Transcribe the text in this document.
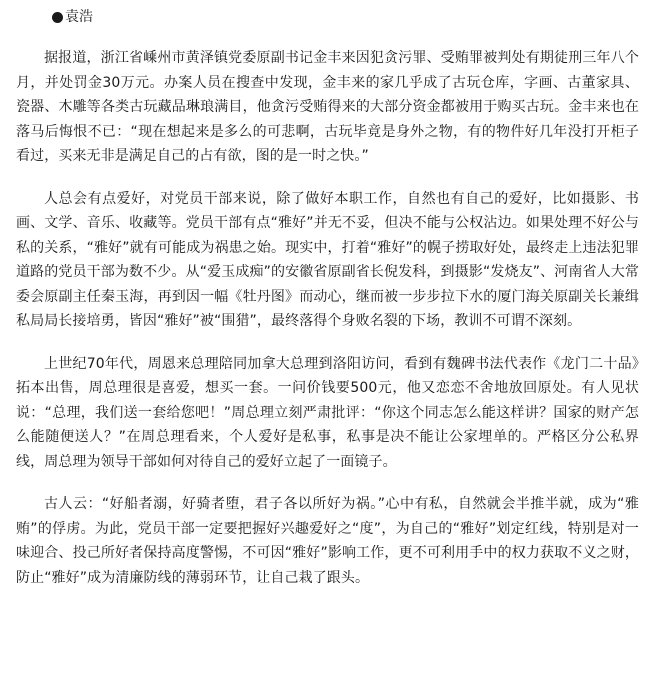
袁浩

据报道，浙江省嵊州市黄泽镇党委原副书记金丰来因犯贪污罪、受贿罪被判处有期徒刑三年八个月，并处罚金30万元。办案人员在搜查中发现，金丰来的家几乎成了古玩仓库，字画、古董家具、瓷器、木雕等各类古玩藏品琳琅满目，他贪污受贿得来的大部分资金都被用于购买古玩。金丰来也在落马后悔恨不已：“现在想起来是多么的可悲啊，古玩毕竟是身外之物，有的物件好几年没打开柜子看过，买来无非是满足自己的占有欲，图的是一时之快。”

人总会有点爱好，对党员干部来说，除了做好本职工作，自然也有自己的爱好，比如摄影、书画、文学、音乐、收藏等。党员干部有点“雅好”并无不妥，但决不能与公权沾边。如果处理不好公与私的关系，“雅好”就有可能成为祸患之始。现实中，打着“雅好”的幌子捞取好处，最终走上违法犯罪道路的党员干部为数不少。从“爱玉成痴”的安徽省原副省长倪发科，到摄影“发烧友”、河南省人大常委会原副主任秦玉海，再到因一幅《牡丹图》而动心，继而被一步步拉下水的厦门海关原副关长兼缉私局局长接培勇，皆因“雅好”被“围猎”，最终落得个身败名裂的下场，教训不可谓不深刻。

上世纪70年代，周恩来总理陪同加拿大总理到洛阳访问，看到有魏碑书法代表作《龙门二十品》拓本出售，周总理很是喜爱，想买一套。一问价钱要500元，他又恋恋不舍地放回原处。有人见状说：“总理，我们送一套给您吧！”周总理立刻严肃批评：“你这个同志怎么能这样讲？国家的财产怎么能随便送人？”在周总理看来，个人爱好是私事，私事是决不能让公家埋单的。严格区分公私界线，周总理为领导干部如何对待自己的爱好立起了一面镜子。

古人云：“好船者溺，好骑者堕，君子各以所好为祸。”心中有私，自然就会半推半就，成为“雅贿”的俘虏。为此，党员干部一定要把握好兴趣爱好之“度”，为自己的“雅好”划定红线，特别是对一味迎合、投己所好者保持高度警惕，不可因“雅好”影响工作，更不可利用手中的权力获取不义之财，防止“雅好”成为清廉防线的薄弱环节，让自己栽了跟头。
